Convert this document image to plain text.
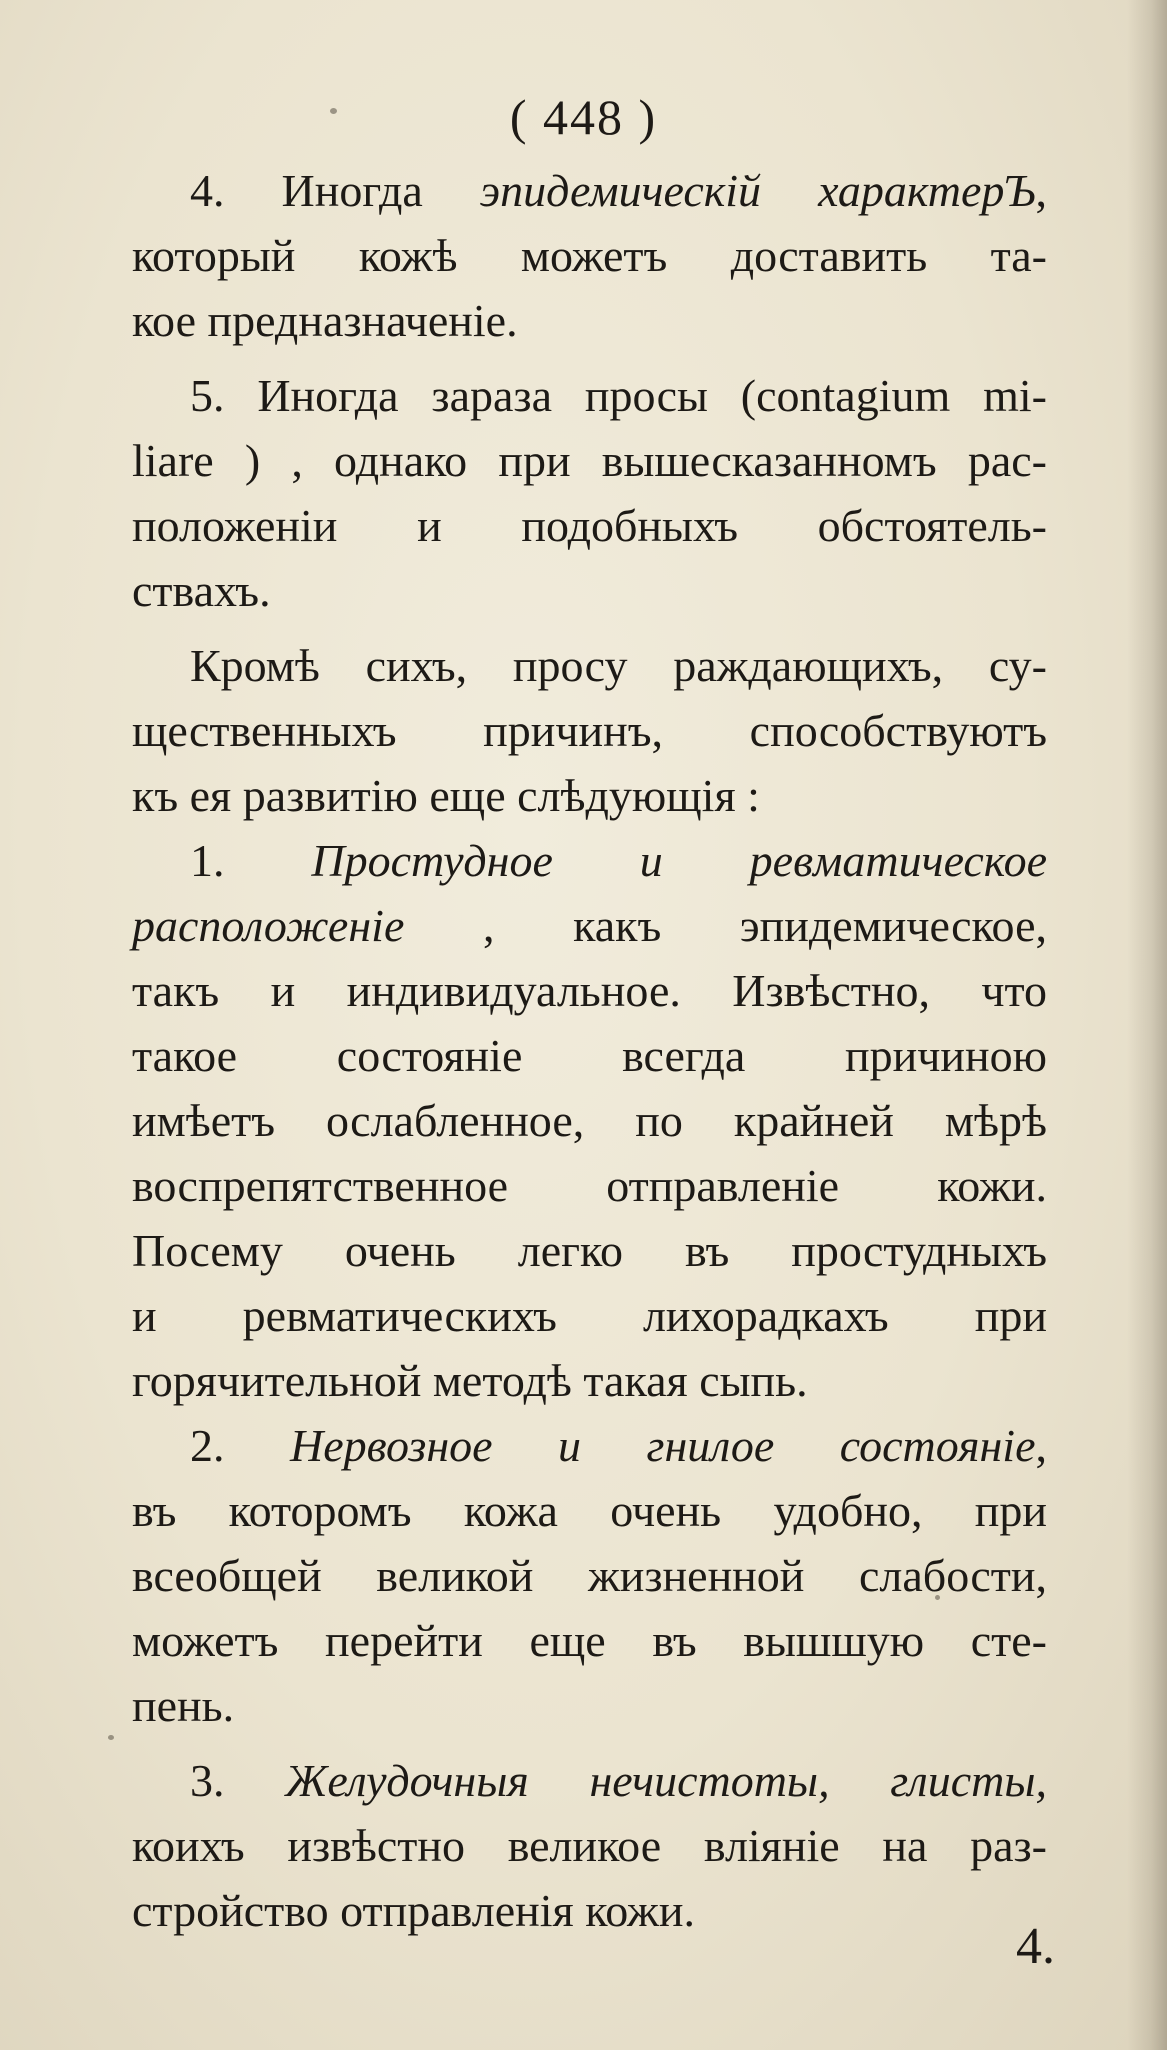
( 448 )
4. Иногда эпидемическій характерЪ,
который кожѣ можетъ доставить та-
кое предназначеніе.
5. Иногда зараза просы (contagium mi-
liare ) , однако при вышесказанномъ рас-
положеніи и подобныхъ обстоятель-
ствахъ.
Кромѣ сихъ, просу раждающихъ, су-
щественныхъ причинъ, способствуютъ
къ ея развитію еще слѣдующія :
1. Простудное и ревматическое
расположеніе , какъ эпидемическое,
такъ и индивидуальное. Извѣстно, что
такое состояніе всегда причиною
имѣетъ ослабленное, по крайней мѣрѣ
воспрепятственное отправленіе кожи.
Посему очень легко въ простудныхъ
и ревматическихъ лихорадкахъ при
горячительной методѣ такая сыпь.
2. Нервозное и гнилое состояніе,
въ которомъ кожа очень удобно, при
всеобщей великой жизненной слабости,
можетъ перейти еще въ вышшую сте-
пень.
3. Желудочныя нечистоты, глисты,
коихъ извѣстно великое вліяніе на раз-
стройство отправленія кожи.
4.
